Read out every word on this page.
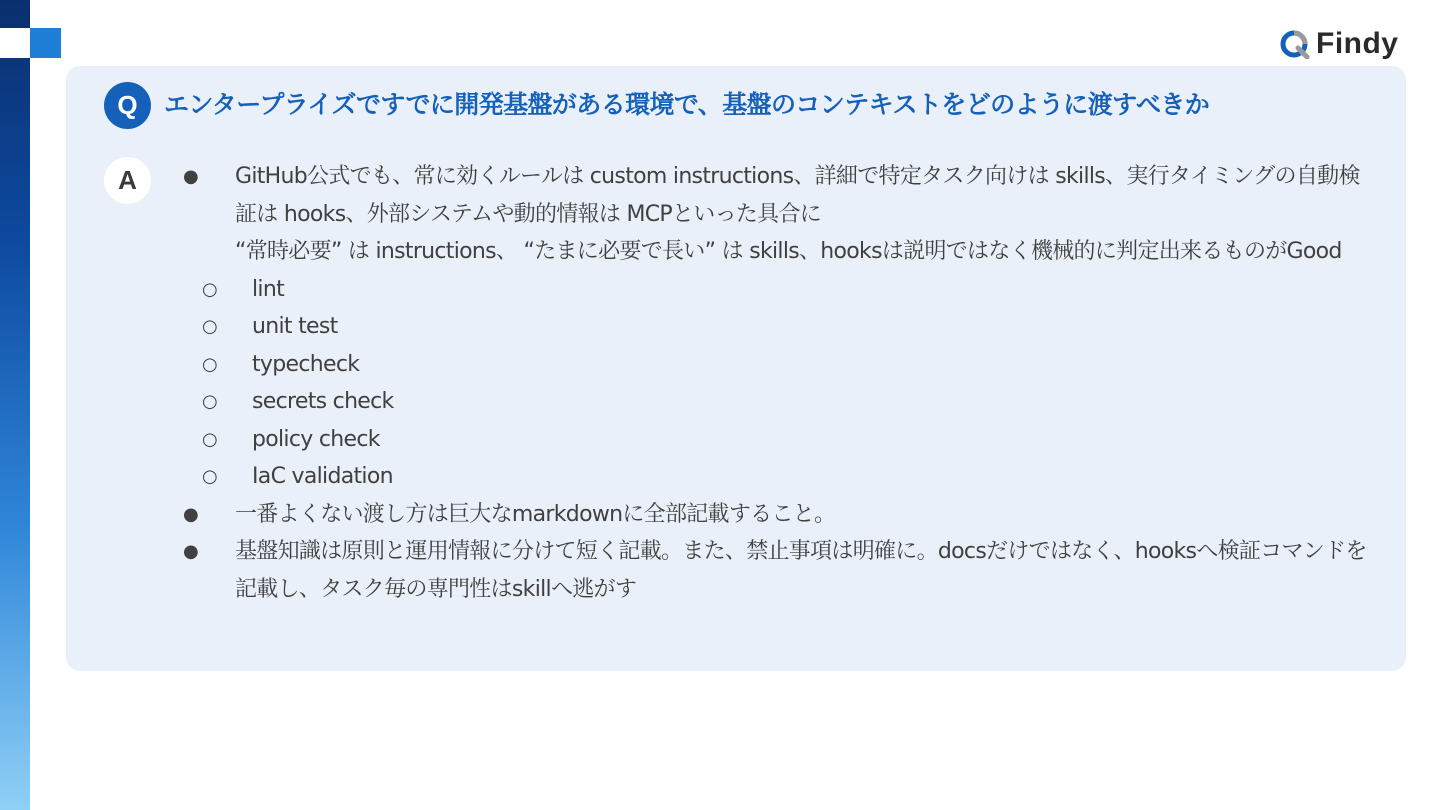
Findy
Q	エンタープライズですでに開発基盤がある環境で、基盤のコンテキストをどのように渡すべきか
A	●	GitHub公式でも、常に効くルールは custom instructions、詳細で特定タスク向けは skills、実行タイミングの自動検証は hooks、外部システムや動的情報は MCPといった具合に

“常時必要” は instructions、 “たまに必要で長い” は skills、hooksは説明ではなく機械的に判定出来るものがGood

○	lint
○	unit test
○	typecheck
○	secrets check
○	policy check
○	IaC validation
●	一番よくない渡し方は巨大なmarkdownに全部記載すること。

●	基盤知識は原則と運用情報に分けて短く記載。また、禁止事項は明確に。docsだけではなく、hooksへ検証コマンドを記載し、タスク毎の専門性はskillへ逃がす
